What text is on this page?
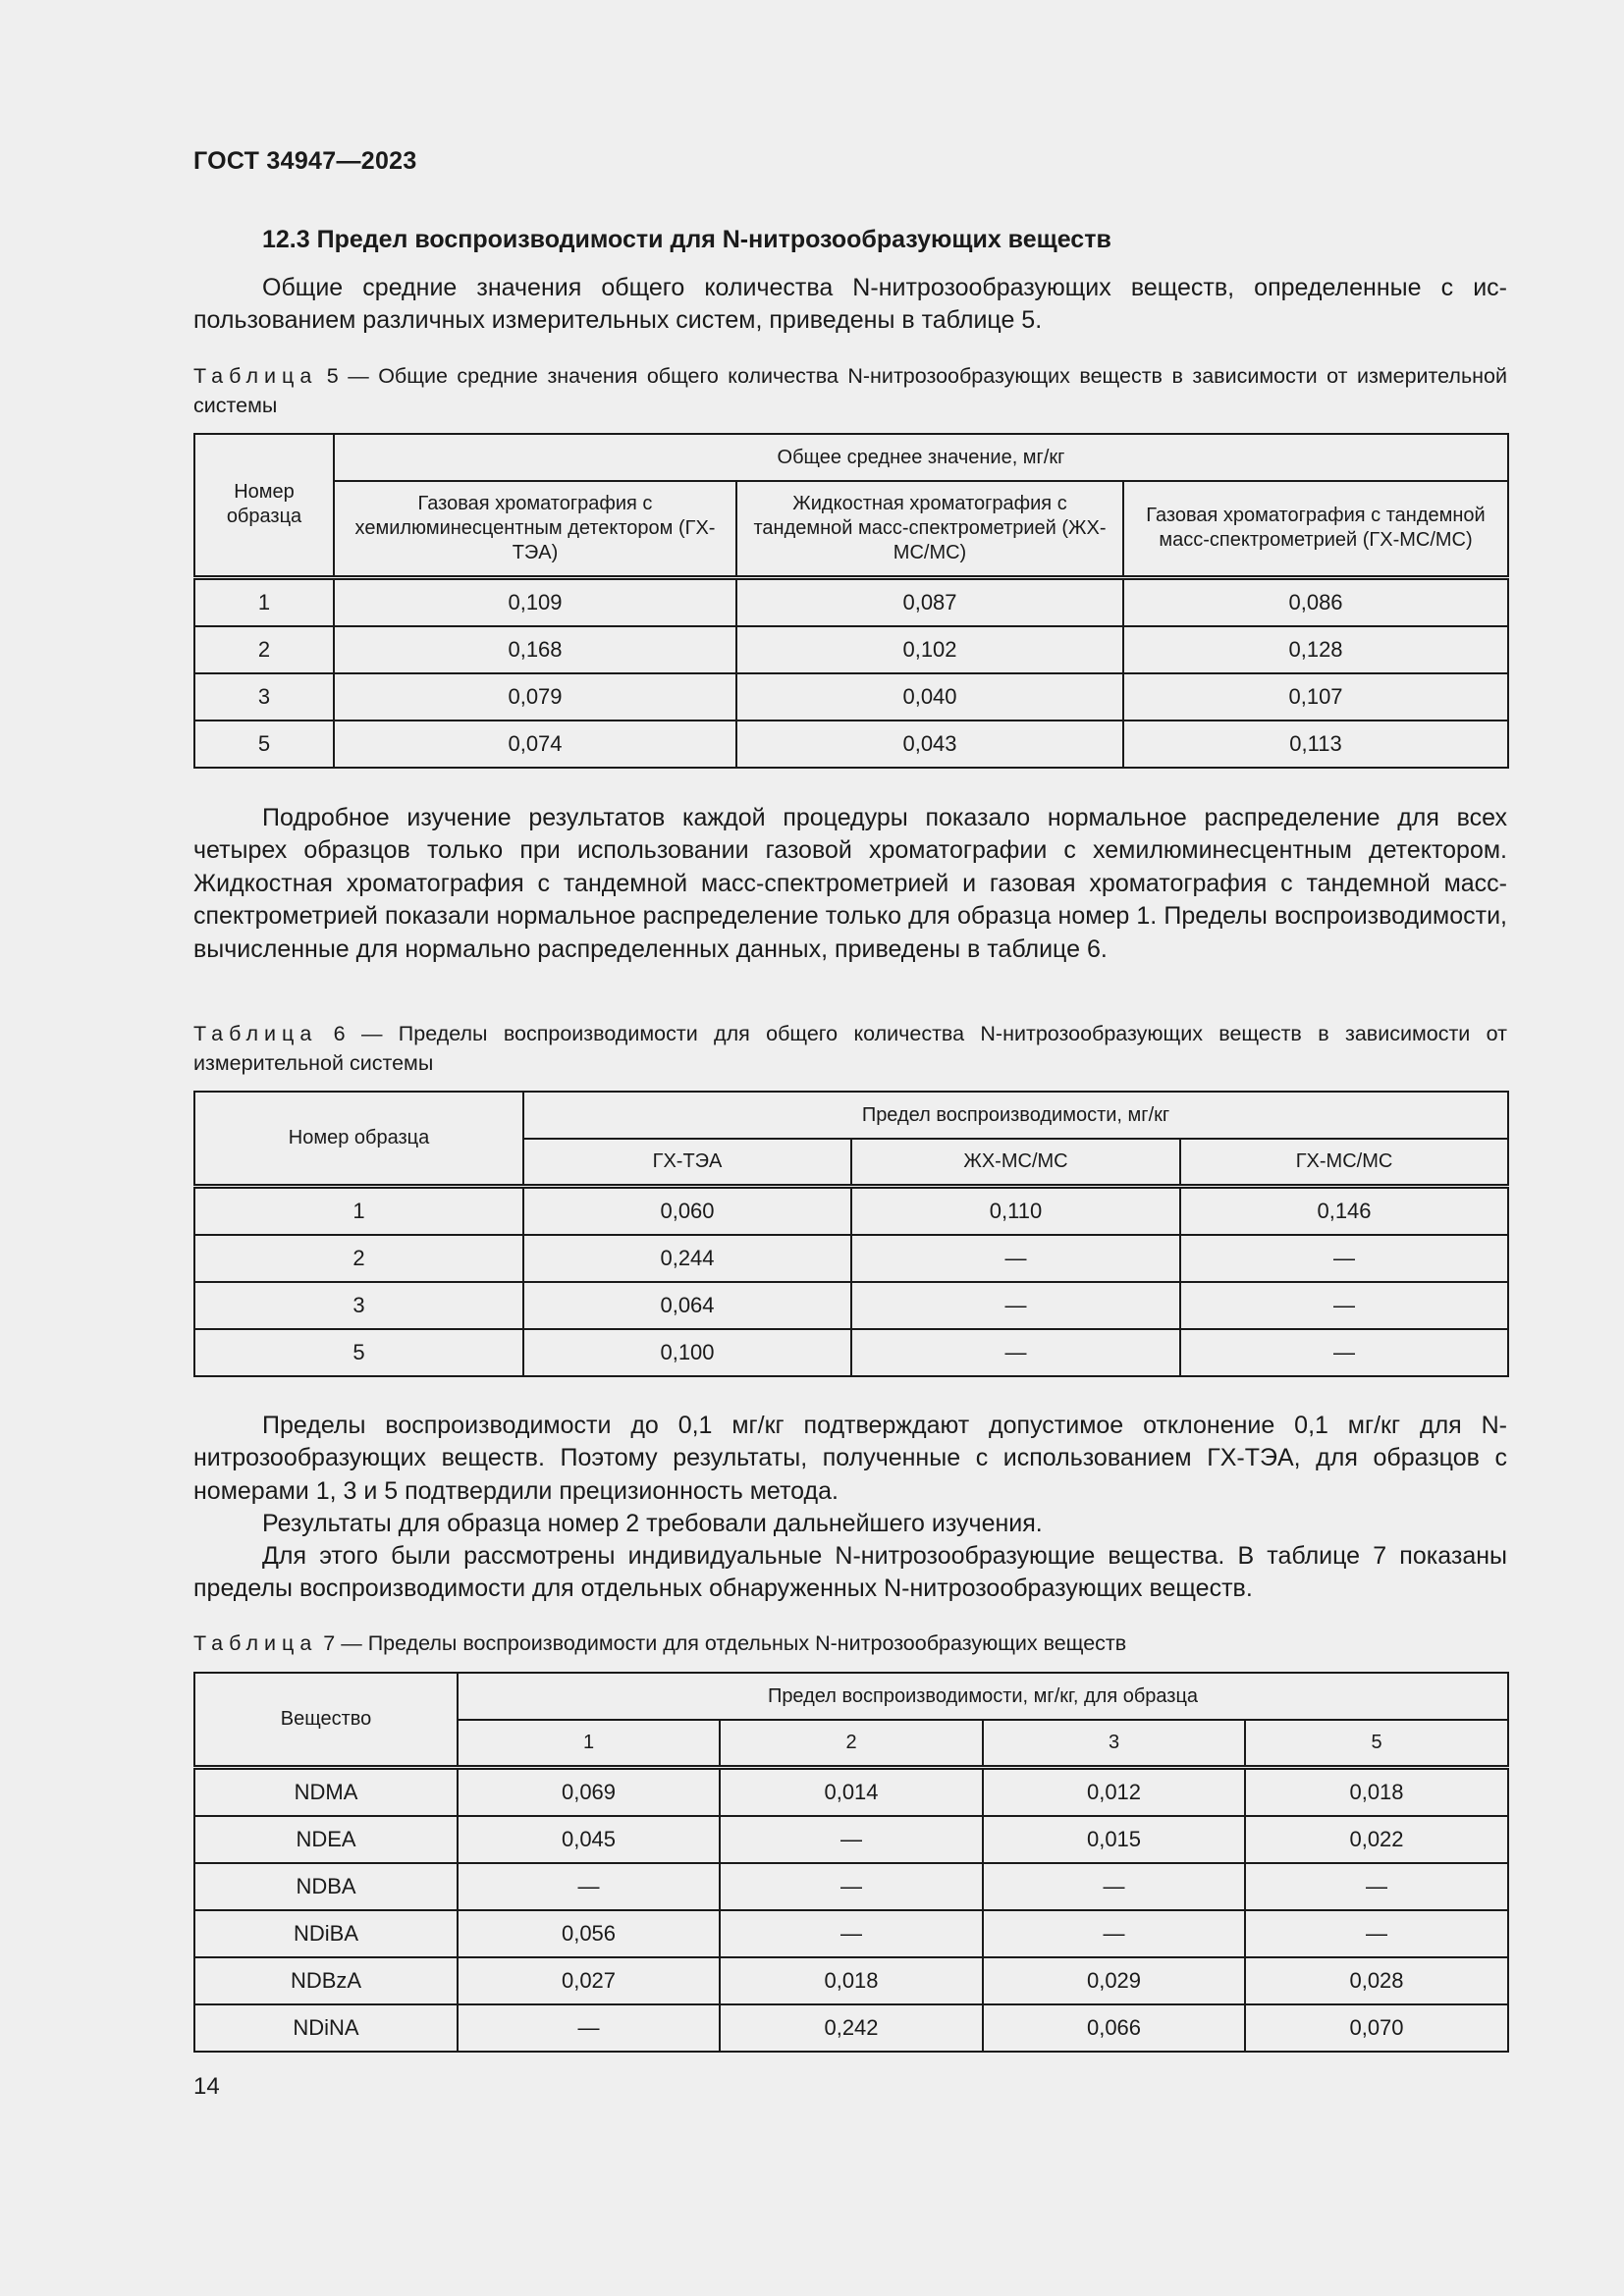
ГОСТ 34947—2023
12.3 Предел воспроизводимости для N-нитрозообразующих веществ
Общие средние значения общего количества N-нитрозообразующих веществ, определенные с использованием различных измерительных систем, приведены в таблице 5.
Таблица 5 — Общие средние значения общего количества N-нитрозообразующих веществ в зависимости от измерительной системы
Номер образца	Общее среднее значение, мг/кг		
	Газовая хроматография с хемилюминесцентным детектором (ГХ-ТЭА)	Жидкостная хроматография с тандемной масс-спектрометрией (ЖХ-МС/МС)	Газовая хроматография с тандемной масс-спектрометрией (ГХ-МС/МС)
1	0,109	0,087	0,086
2	0,168	0,102	0,128
3	0,079	0,040	0,107
5	0,074	0,043	0,113
Подробное изучение результатов каждой процедуры показало нормальное распределение для всех четырех образцов только при использовании газовой хроматографии с хемилюминесцентным детектором. Жидкостная хроматография с тандемной масс-спектрометрией и газовая хроматография с тандемной масс-спектрометрией показали нормальное распределение только для образца номер 1. Пределы воспроизводимости, вычисленные для нормально распределенных данных, приведены в таблице 6.
Таблица 6 — Пределы воспроизводимости для общего количества N-нитрозообразующих веществ в зависимости от измерительной системы
Номер образца	Предел воспроизводимости, мг/кг		
	ГХ-ТЭА	ЖХ-МС/МС	ГХ-МС/МС
1	0,060	0,110	0,146
2	0,244	—	—
3	0,064	—	—
5	0,100	—	—
Пределы воспроизводимости до 0,1 мг/кг подтверждают допустимое отклонение 0,1 мг/кг для N-нитрозообразующих веществ. Поэтому результаты, полученные с использованием ГХ-ТЭА, для образцов с номерами 1, 3 и 5 подтвердили прецизионность метода.
Результаты для образца номер 2 требовали дальнейшего изучения.
Для этого были рассмотрены индивидуальные N-нитрозообразующие вещества. В таблице 7 показаны пределы воспроизводимости для отдельных обнаруженных N-нитрозообразующих веществ.
Таблица 7 — Пределы воспроизводимости для отдельных N-нитрозообразующих веществ
Вещество	Предел воспроизводимости, мг/кг, для образца			
	1	2	3	5
NDMA	0,069	0,014	0,012	0,018
NDEA	0,045	—	0,015	0,022
NDBA	—	—	—	—
NDiBA	0,056	—	—	—
NDBzA	0,027	0,018	0,029	0,028
NDiNA	—	0,242	0,066	0,070
14
